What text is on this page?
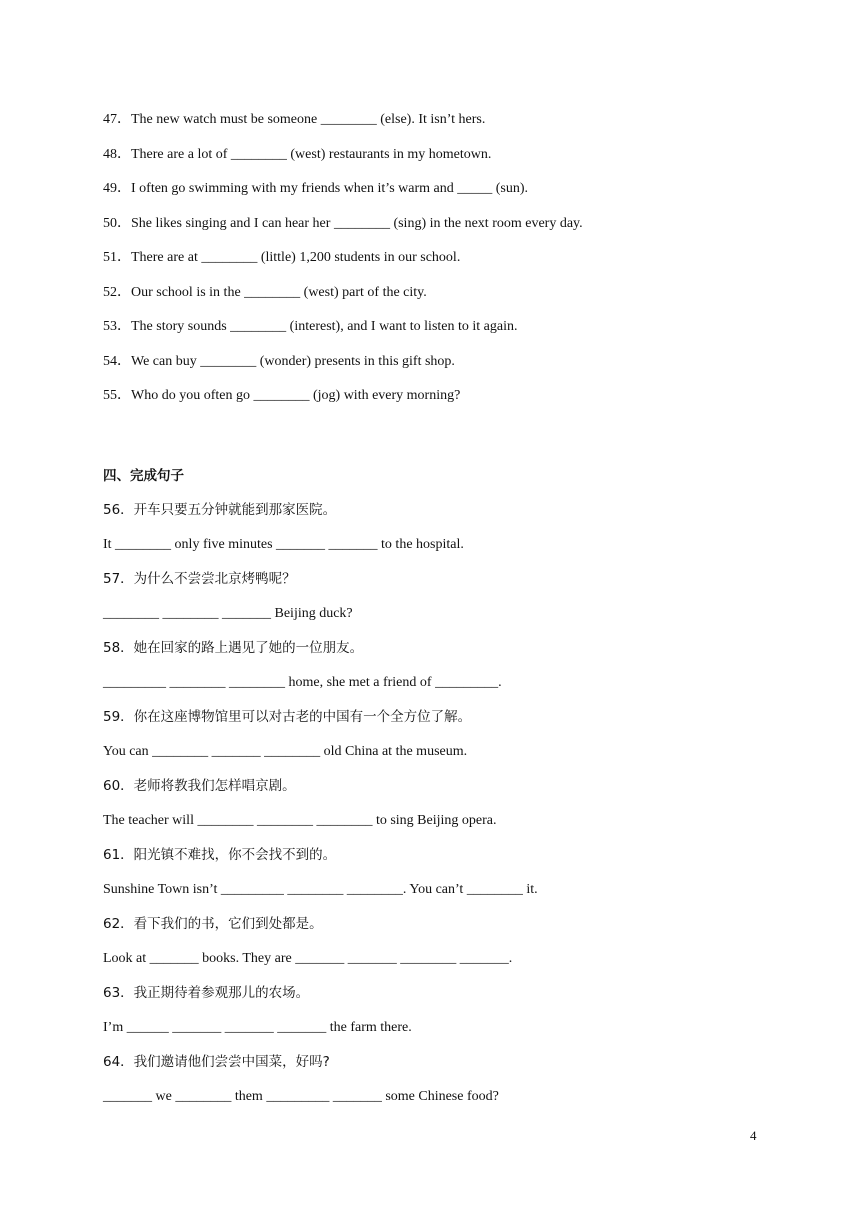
47．The new watch must be someone ________ (else). It isn’t hers.
48．There are a lot of ________ (west) restaurants in my hometown.
49．I often go swimming with my friends when it’s warm and _____ (sun).
50．She likes singing and I can hear her ________ (sing) in the next room every day.
51．There are at ________ (little) 1,200 students in our school.
52．Our school is in the ________ (west) part of the city.
53．The story sounds ________ (interest), and I want to listen to it again.
54．We can buy ________ (wonder) presents in this gift shop.
55．Who do you often go ________ (jog) with every morning?
四、完成句子
56．开车只要五分钟就能到那家医院。
It ________ only five minutes _______ _______ to the hospital.
57．为什么不尝尝北京烤鸭呢？
________ ________ _______ Beijing duck?
58．她在回家的路上遇见了她的一位朋友。
_________ ________ ________ home, she met a friend of _________.
59．你在这座博物馆里可以对古老的中国有一个全方位了解。
You can ________ _______ ________ old China at the museum.
60．老师将教我们怎样唱京剧。
The teacher will ________ ________ ________ to sing Beijing opera.
61．阳光镇不难找，你不会找不到的。
Sunshine Town isn’t _________ ________ ________. You can’t ________ it.
62．看下我们的书，它们到处都是。
Look at _______ books. They are _______ _______ ________ _______.
63．我正期待着参观那儿的农场。
I’m ______ _______ _______ _______ the farm there.
64．我们邀请他们尝尝中国菜，好吗?
_______ we ________ them _________ _______ some Chinese food?
4
